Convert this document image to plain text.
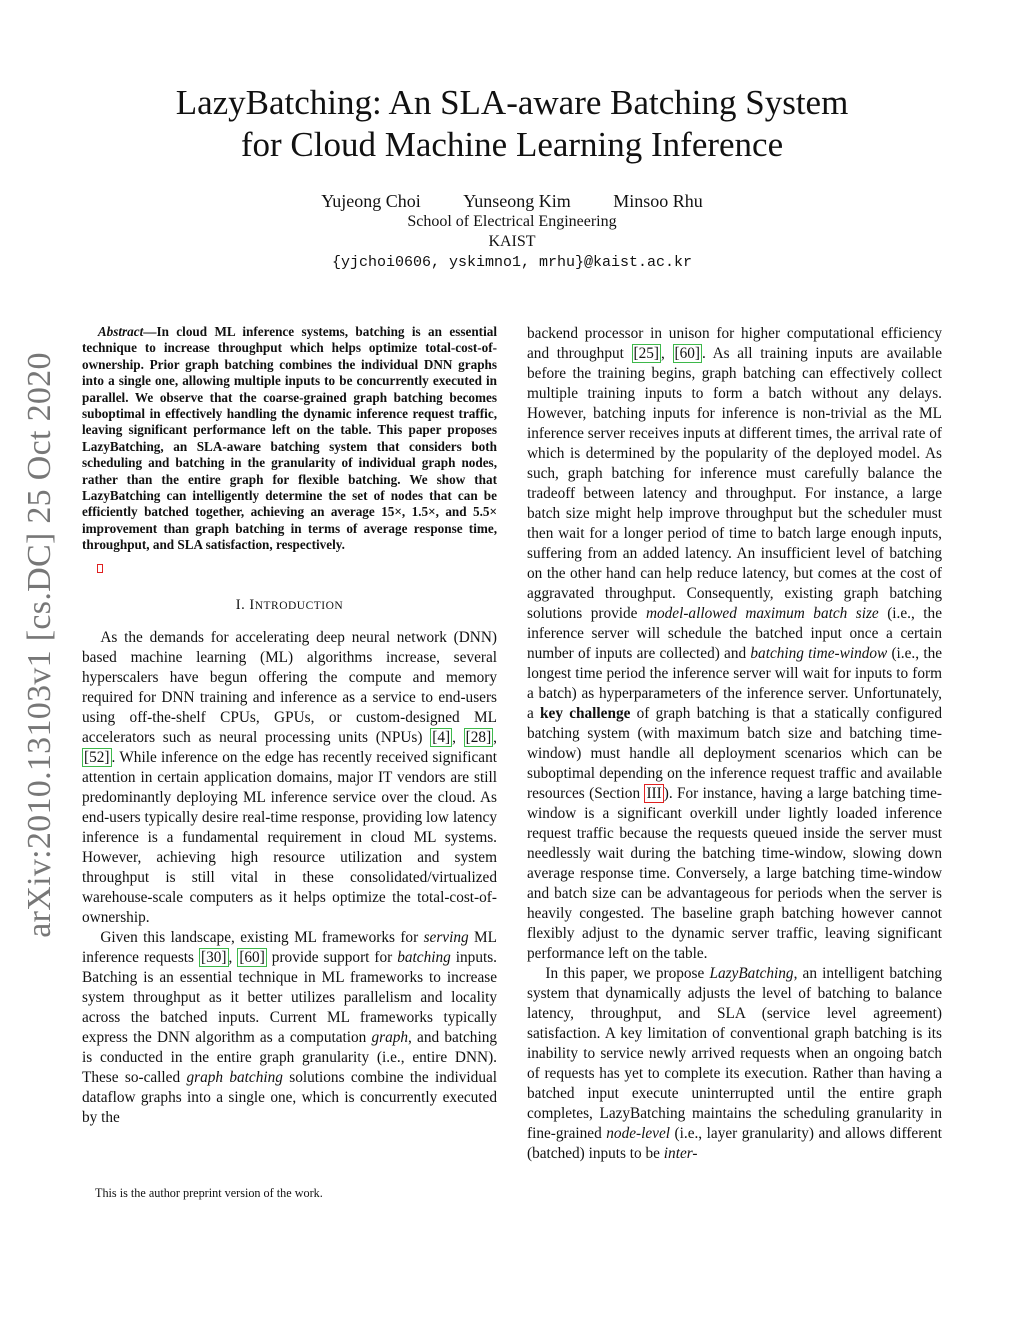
arXiv:2010.13103v1 [cs.DC] 25 Oct 2020
LazyBatching: An SLA-aware Batching System
for Cloud Machine Learning Inference
Yujeong Choi Yunseong Kim Minsoo Rhu
School of Electrical Engineering
KAIST
{yjchoi0606, yskimno1, mrhu}@kaist.ac.kr

Abstract—In cloud ML inference systems, batching is an essential technique to increase throughput which helps optimize total-cost-of-ownership. Prior graph batching combines the individual DNN graphs into a single one, allowing multiple inputs to be concurrently executed in parallel. We observe that the coarse-grained graph batching becomes suboptimal in effectively handling the dynamic inference request traffic, leaving significant performance left on the table. This paper proposes LazyBatching, an SLA-aware batching system that considers both scheduling and batching in the granularity of individual graph nodes, rather than the entire graph for flexible batching. We show that LazyBatching can intelligently determine the set of nodes that can be efficiently batched together, achieving an average 15×, 1.5×, and 5.5× improvement than graph batching in terms of average response time, throughput, and SLA satisfaction, respectively.

I. INTRODUCTION

As the demands for accelerating deep neural network (DNN) based machine learning (ML) algorithms increase, several hyperscalers have begun offering the compute and memory required for DNN training and inference as a service to end-users using off-the-shelf CPUs, GPUs, or custom-designed ML accelerators such as neural processing units (NPUs) [4] , [28] , [52] . While inference on the edge has recently received significant attention in certain application domains, major IT vendors are still predominantly deploying ML inference service over the cloud. As end-users typically desire real-time response, providing low latency inference is a fundamental requirement in cloud ML systems. However, achieving high resource utilization and system throughput is still vital in these consolidated/virtualized warehouse-scale computers as it helps optimize the total-cost-of-ownership.

Given this landscape, existing ML frameworks for serving ML inference requests [30] , [60] provide support for batching inputs. Batching is an essential technique in ML frameworks to increase system throughput as it better utilizes parallelism and locality across the batched inputs. Current ML frameworks typically express the DNN algorithm as a computation graph, and batching is conducted in the entire graph granularity (i.e., entire DNN). These so-called graph batching solutions combine the individual dataflow graphs into a single one, which is concurrently executed by the

This is the author preprint version of the work.

backend processor in unison for higher computational efficiency and throughput [25] , [60] . As all training inputs are available before the training begins, graph batching can effectively collect multiple training inputs to form a batch without any delays. However, batching inputs for inference is non-trivial as the ML inference server receives inputs at different times, the arrival rate of which is determined by the popularity of the deployed model. As such, graph batching for inference must carefully balance the tradeoff between latency and throughput. For instance, a large batch size might help improve throughput but the scheduler must then wait for a longer period of time to batch large enough inputs, suffering from an added latency. An insufficient level of batching on the other hand can help reduce latency, but comes at the cost of aggravated throughput. Consequently, existing graph batching solutions provide model-allowed maximum batch size (i.e., the inference server will schedule the batched input once a certain number of inputs are collected) and batching time-window (i.e., the longest time period the inference server will wait for inputs to form a batch) as hyperparameters of the inference server. Unfortunately, a key challenge of graph batching is that a statically configured batching system (with maximum batch size and batching time-window) must handle all deployment scenarios which can be suboptimal depending on the inference request traffic and available resources (Section III ). For instance, having a large batching time-window is a significant overkill under lightly loaded inference request traffic because the requests queued inside the server must needlessly wait during the batching time-window, slowing down average response time. Conversely, a large batching time-window and batch size can be advantageous for periods when the server is heavily congested. The baseline graph batching however cannot flexibly adjust to the dynamic server traffic, leaving significant performance left on the table.

In this paper, we propose LazyBatching, an intelligent batching system that dynamically adjusts the level of batching to balance latency, throughput, and SLA (service level agreement) satisfaction. A key limitation of conventional graph batching is its inability to service newly arrived requests when an ongoing batch of requests has yet to complete its execution. Rather than having a batched input execute uninterrupted until the entire graph completes, LazyBatching maintains the scheduling granularity in fine-grained node-level (i.e., layer granularity) and allows different (batched) inputs to be inter-
